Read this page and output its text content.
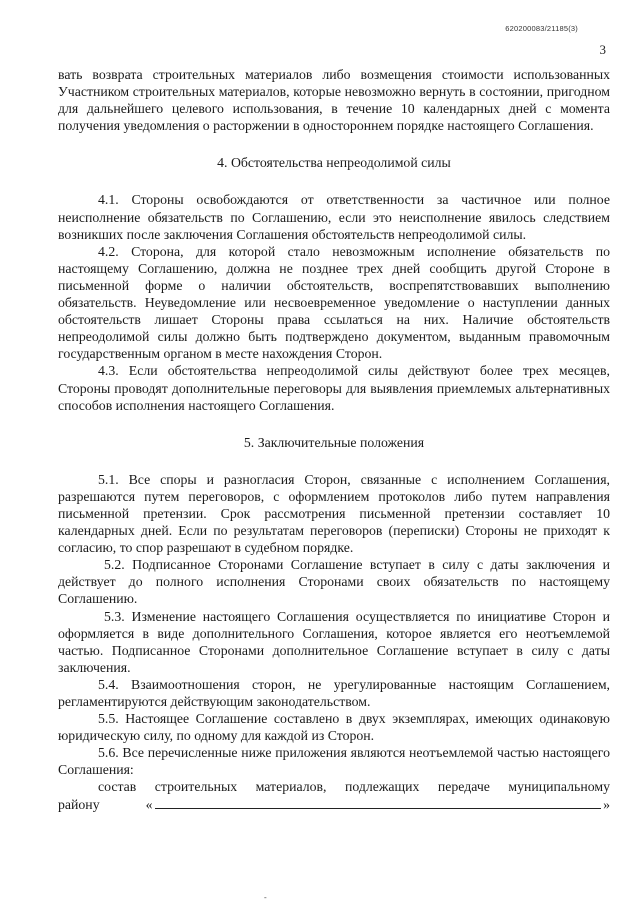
620200083/21185(3)
3

вать возврата строительных материалов либо возмещения стоимости использованных Участником строительных материалов, которые невозможно вернуть в состоянии, пригодном для дальнейшего целевого использования, в течение 10 календарных дней с момента получения уведомления о расторжении в одностороннем порядке настоящего Соглашения.

4. Обстоятельства непреодолимой силы

4.1. Стороны освобождаются от ответственности за частичное или полное неисполнение обязательств по Соглашению, если это неисполнение явилось следствием возникших после заключения Соглашения обстоятельств непреодолимой силы.

4.2. Сторона, для которой стало невозможным исполнение обязательств по настоящему Соглашению, должна не позднее трех дней сообщить другой Стороне в письменной форме о наличии обстоятельств, воспрепятствовавших выполнению обязательств. Неуведомление или несвоевременное уведомление о наступлении данных обстоятельств лишает Стороны права ссылаться на них. Наличие обстоятельств непреодолимой силы должно быть подтверждено документом, выданным правомочным государственным органом в месте нахождения Сторон.

4.3. Если обстоятельства непреодолимой силы действуют более трех месяцев, Стороны проводят дополнительные переговоры для выявления приемлемых альтернативных способов исполнения настоящего Соглашения.

5. Заключительные положения

5.1. Все споры и разногласия Сторон, связанные с исполнением Соглашения, разрешаются путем переговоров, с оформлением протоколов либо путем направления письменной претензии. Срок рассмотрения письменной претензии составляет 10 календарных дней. Если по результатам переговоров (переписки) Стороны не приходят к согласию, то спор разрешают в судебном порядке.

5.2. Подписанное Сторонами Соглашение вступает в силу с даты заключения и действует до полного исполнения Сторонами своих обязательств по настоящему Соглашению.

5.3. Изменение настоящего Соглашения осуществляется по инициативе Сторон и оформляется в виде дополнительного Соглашения, которое является его неотъемлемой частью. Подписанное Сторонами дополнительное Соглашение вступает в силу с даты заключения.

5.4. Взаимоотношения сторон, не урегулированные настоящим Соглашением, регламентируются действующим законодательством.

5.5. Настоящее Соглашение составлено в двух экземплярах, имеющих одинаковую юридическую силу, по одному для каждой из Сторон.

5.6. Все перечисленные ниже приложения являются неотъемлемой частью настоящего Соглашения:

состав строительных материалов, подлежащих передаче муниципальному

району	«	»
-
